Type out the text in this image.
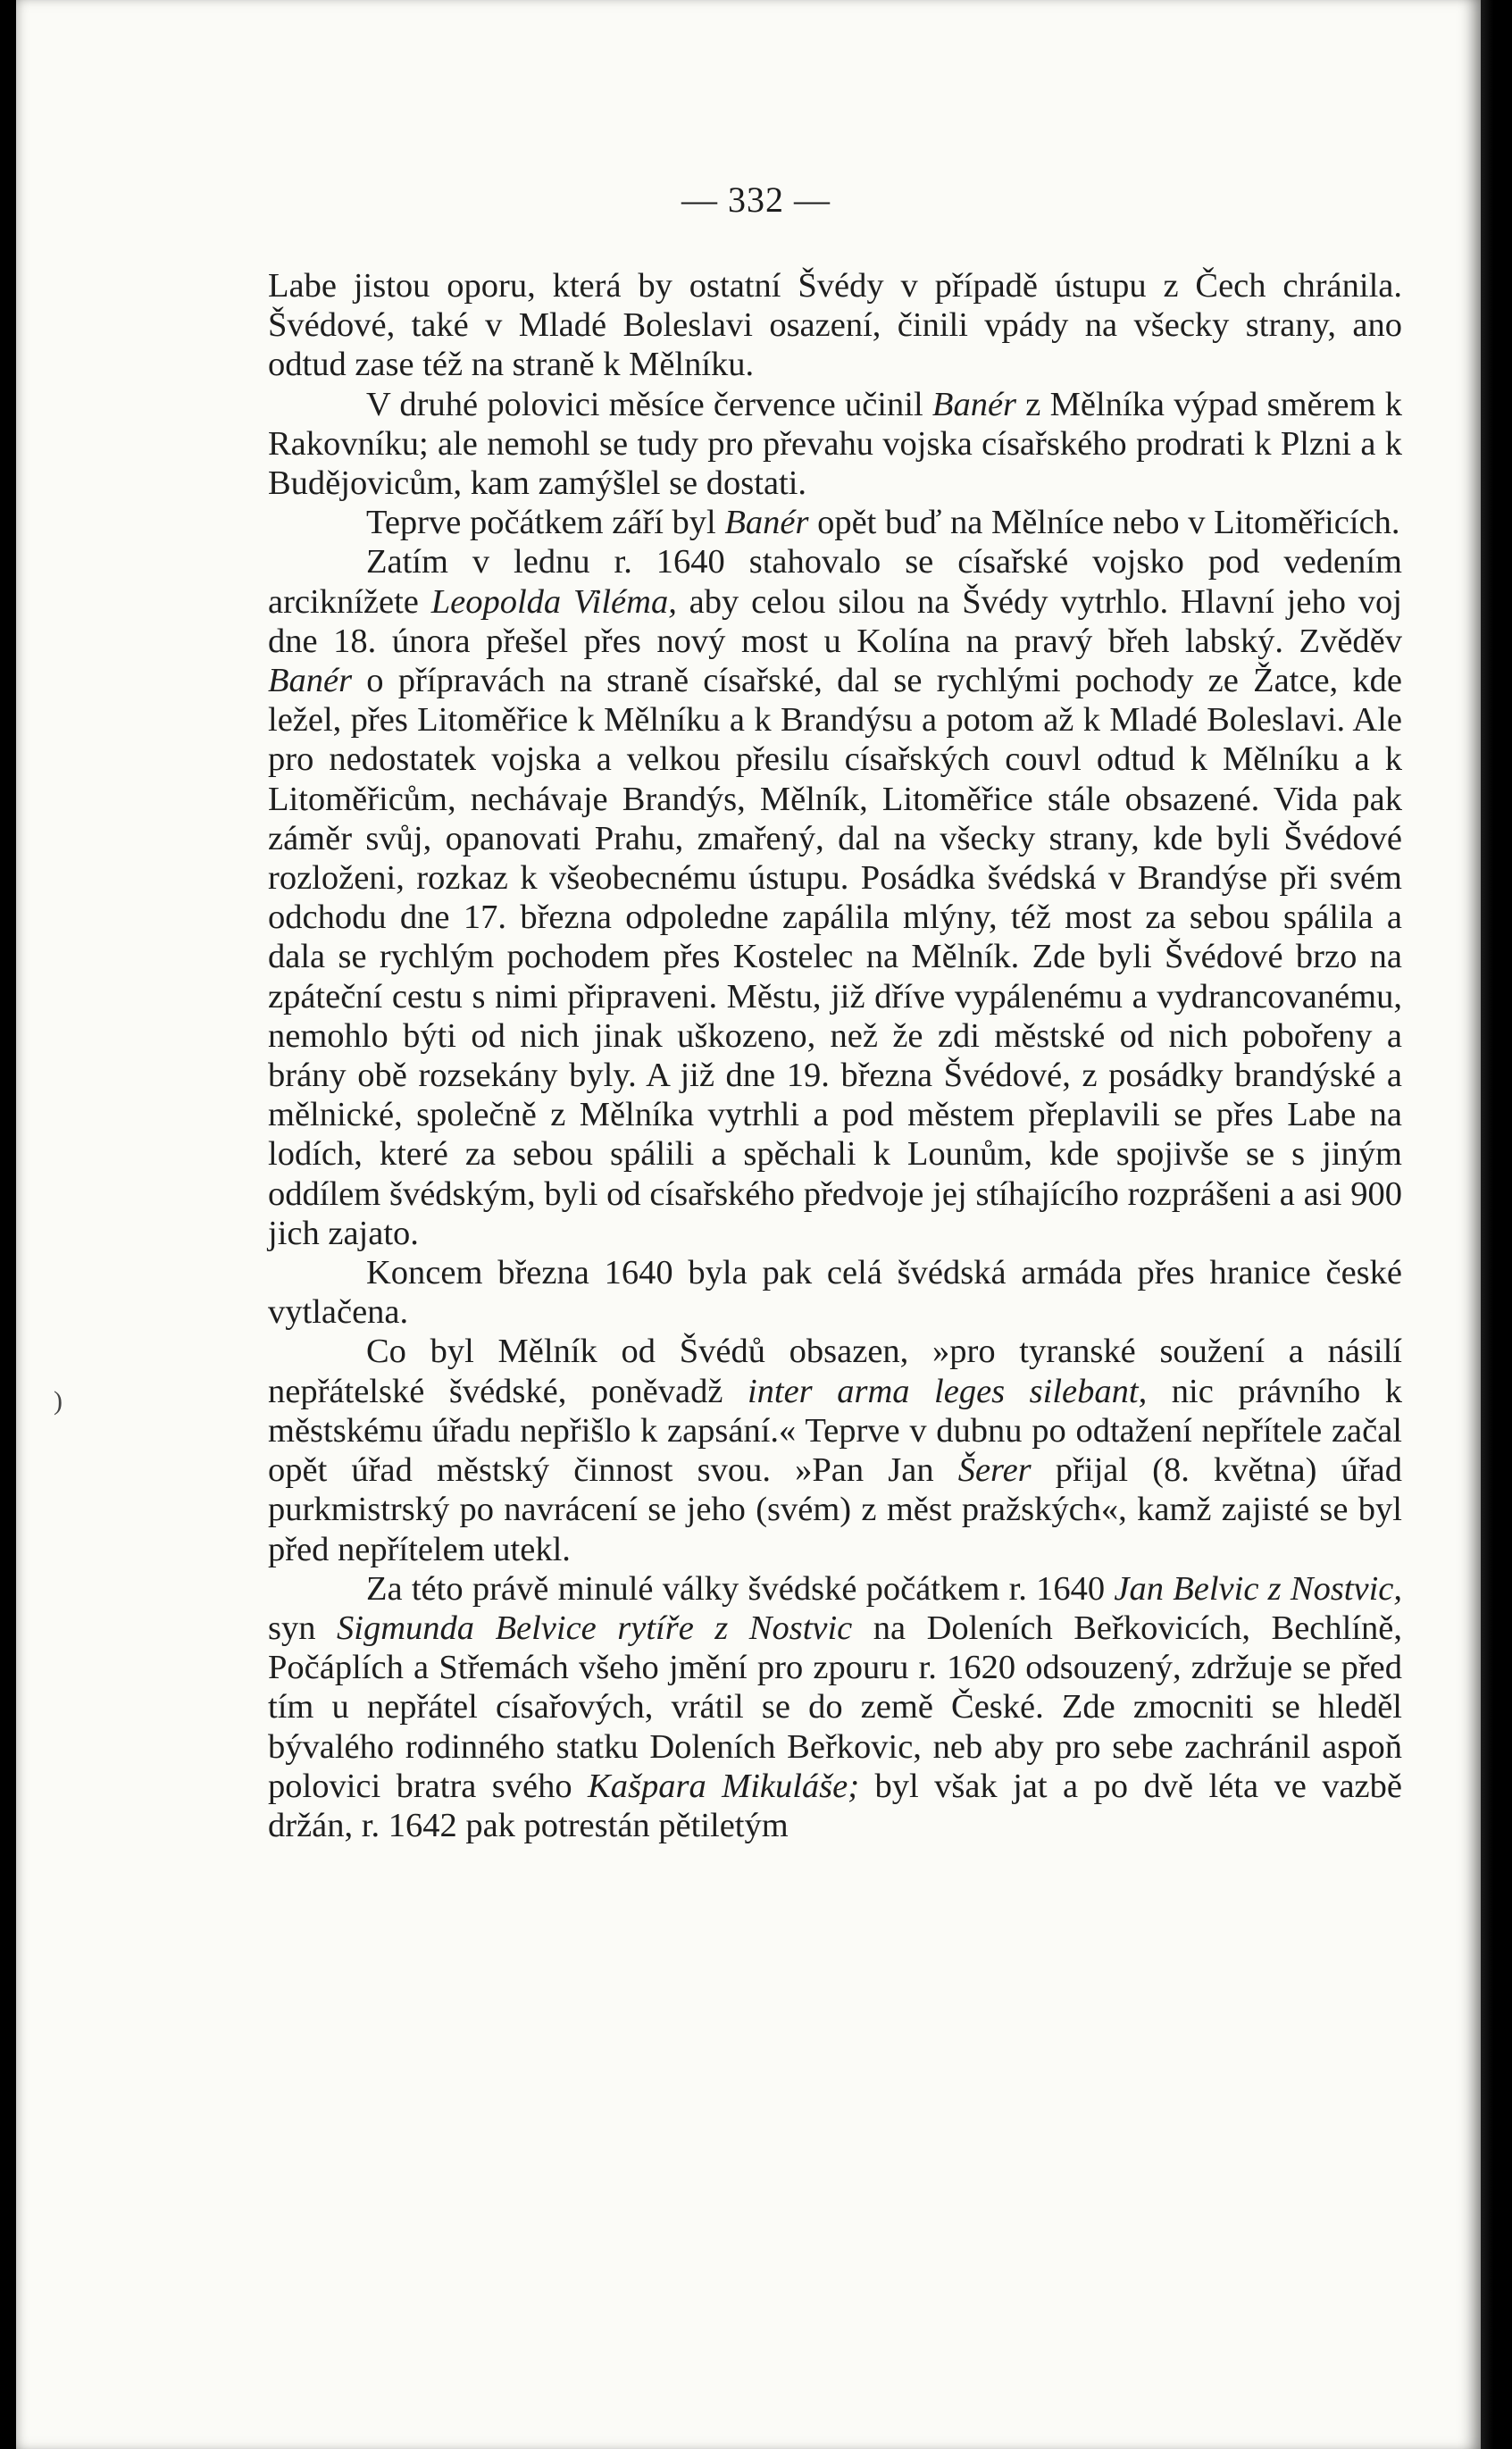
— 332 —

Labe jistou oporu, která by ostatní Švédy v případě ústupu z Čech chránila. Švédové, také v Mladé Boleslavi osazení, činili vpády na všecky strany, ano odtud zase též na straně k Mělníku.

V druhé polovici měsíce července učinil Banér z Mělníka výpad směrem k Rakovníku; ale nemohl se tudy pro převahu vojska císařského prodrati k Plzni a k Budějovicům, kam zamýšlel se dostati.

Teprve počátkem září byl Banér opět buď na Mělníce nebo v Litoměřicích.

Zatím v lednu r. 1640 stahovalo se císařské vojsko pod vedením arciknížete Leopolda Viléma, aby celou silou na Švédy vytrhlo. Hlavní jeho voj dne 18. února přešel přes nový most u Kolína na pravý břeh labský. Zvěděv Banér o přípravách na straně císařské, dal se rychlými pochody ze Žatce, kde ležel, přes Litoměřice k Mělníku a k Brandýsu a potom až k Mladé Boleslavi. Ale pro nedostatek vojska a velkou přesilu císařských couvl odtud k Mělníku a k Litoměřicům, nechávaje Brandýs, Mělník, Litoměřice stále obsazené. Vida pak záměr svůj, opanovati Prahu, zmařený, dal na všecky strany, kde byli Švédové rozloženi, rozkaz k všeobecnému ústupu. Posádka švédská v Brandýse při svém odchodu dne 17. března odpoledne zapálila mlýny, též most za sebou spálila a dala se rychlým pochodem přes Kostelec na Mělník. Zde byli Švédové brzo na zpáteční cestu s nimi připraveni. Městu, již dříve vypálenému a vydrancovanému, nemohlo býti od nich jinak uškozeno, než že zdi městské od nich pobořeny a brány obě rozsekány byly. A již dne 19. března Švédové, z posádky brandýské a mělnické, společně z Mělníka vytrhli a pod městem přeplavili se přes Labe na lodích, které za sebou spálili a spěchali k Lounům, kde spojivše se s jiným oddílem švédským, byli od císařského předvoje jej stíhajícího rozprášeni a asi 900 jich zajato.

Koncem března 1640 byla pak celá švédská armáda přes hranice české vytlačena.

Co byl Mělník od Švédů obsazen, »pro tyranské soužení a násilí nepřátelské švédské, poněvadž inter arma leges silebant, nic právního k městskému úřadu nepřišlo k zapsání.« Teprve v dubnu po odtažení nepřítele začal opět úřad městský činnost svou. »Pan Jan Šerer přijal (8. května) úřad purkmistrský po navrácení se jeho (svém) z měst pražských«, kamž zajisté se byl před nepřítelem utekl.

Za této právě minulé války švédské počátkem r. 1640 Jan Belvic z Nostvic, syn Sigmunda Belvice rytíře z Nostvic na Doleních Beřkovicích, Bechlíně, Počáplích a Střemách všeho jmění pro zpouru r. 1620 odsouzený, zdržuje se před tím u nepřátel císařových, vrátil se do země České. Zde zmocniti se hleděl bývalého rodinného statku Doleních Beřkovic, neb aby pro sebe zachránil aspoň polovici bratra svého Kašpara Mikuláše; byl však jat a po dvě léta ve vazbě držán, r. 1642 pak potrestán pětiletým

)
